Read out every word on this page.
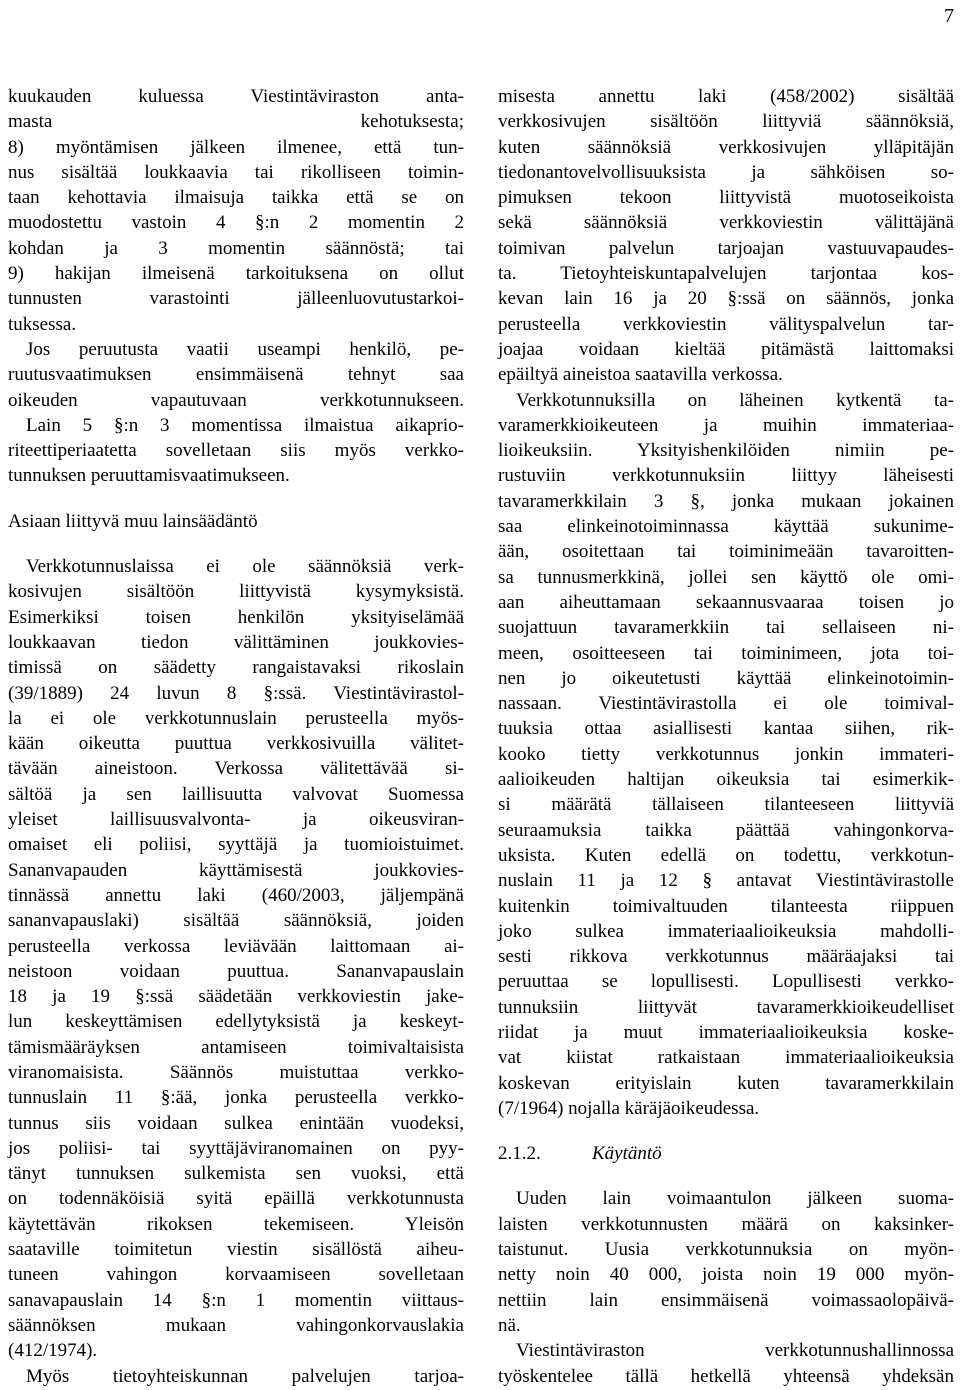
7
kuukauden kuluessa Viestintäviraston anta-
masta kehotuksesta;
8) myöntämisen jälkeen ilmenee, että tun-
nus sisältää loukkaavia tai rikolliseen toimin-
taan kehottavia ilmaisuja taikka että se on
muodostettu vastoin 4 §:n 2 momentin 2
kohdan ja 3 momentin säännöstä; tai
9) hakijan ilmeisenä tarkoituksena on ollut
tunnusten varastointi jälleenluovutustarkoi-
tuksessa.
Jos peruutusta vaatii useampi henkilö, pe-
ruutusvaatimuksen ensimmäisenä tehnyt saa
oikeuden vapautuvaan verkkotunnukseen.
Lain 5 §:n 3 momentissa ilmaistua aikaprio-
riteettiperiaatetta sovelletaan siis myös verkko-
tunnuksen peruuttamisvaatimukseen.
Asiaan liittyvä muu lainsäädäntö
Verkkotunnuslaissa ei ole säännöksiä verk-
kosivujen sisältöön liittyvistä kysymyksistä.
Esimerkiksi toisen henkilön yksityiselämää
loukkaavan tiedon välittäminen joukkovies-
timissä on säädetty rangaistavaksi rikoslain
(39/1889) 24 luvun 8 §:ssä. Viestintävirastol-
la ei ole verkkotunnuslain perusteella myös-
kään oikeutta puuttua verkkosivuilla välitet-
tävään aineistoon. Verkossa välitettävää si-
sältöä ja sen laillisuutta valvovat Suomessa
yleiset laillisuusvalvonta- ja oikeusviran-
omaiset eli poliisi, syyttäjä ja tuomioistuimet.
Sananvapauden käyttämisestä joukkovies-
tinnässä annettu laki (460/2003, jäljempänä
sananvapauslaki) sisältää säännöksiä, joiden
perusteella verkossa leviävään laittomaan ai-
neistoon voidaan puuttua. Sananvapauslain
18 ja 19 §:ssä säädetään verkkoviestin jake-
lun keskeyttämisen edellytyksistä ja keskeyt-
tämismääräyksen antamiseen toimivaltaisista
viranomaisista. Säännös muistuttaa verkko-
tunnuslain 11 §:ää, jonka perusteella verkko-
tunnus siis voidaan sulkea enintään vuodeksi,
jos poliisi- tai syyttäjäviranomainen on pyy-
tänyt tunnuksen sulkemista sen vuoksi, että
on todennäköisiä syitä epäillä verkkotunnusta
käytettävän rikoksen tekemiseen. Yleisön
saataville toimitetun viestin sisällöstä aiheu-
tuneen vahingon korvaamiseen sovelletaan
sanavapauslain 14 §:n 1 momentin viittaus-
säännöksen mukaan vahingonkorvauslakia
(412/1974).
Myös tietoyhteiskunnan palvelujen tarjoa-
misesta annettu laki (458/2002) sisältää
verkkosivujen sisältöön liittyviä säännöksiä,
kuten säännöksiä verkkosivujen ylläpitäjän
tiedonantovelvollisuuksista ja sähköisen so-
pimuksen tekoon liittyvistä muotoseikoista
sekä säännöksiä verkkoviestin välittäjänä
toimivan palvelun tarjoajan vastuuvapaudes-
ta. Tietoyhteiskuntapalvelujen tarjontaa kos-
kevan lain 16 ja 20 §:ssä on säännös, jonka
perusteella verkkoviestin välityspalvelun tar-
joajaa voidaan kieltää pitämästä laittomaksi
epäiltyä aineistoa saatavilla verkossa.
Verkkotunnuksilla on läheinen kytkentä ta-
varamerkkioikeuteen ja muihin immateriaa-
lioikeuksiin. Yksityishenkilöiden nimiin pe-
rustuviin verkkotunnuksiin liittyy läheisesti
tavaramerkkilain 3 §, jonka mukaan jokainen
saa elinkeinotoiminnassa käyttää sukunime-
ään, osoitettaan tai toiminimeään tavaroitten-
sa tunnusmerkkinä, jollei sen käyttö ole omi-
aan aiheuttamaan sekaannusvaaraa toisen jo
suojattuun tavaramerkkiin tai sellaiseen ni-
meen, osoitteeseen tai toiminimeen, jota toi-
nen jo oikeutetusti käyttää elinkeinotoimin-
nassaan. Viestintävirastolla ei ole toimival-
tuuksia ottaa asiallisesti kantaa siihen, rik-
kooko tietty verkkotunnus jonkin immateri-
aalioikeuden haltijan oikeuksia tai esimerkik-
si määrätä tällaiseen tilanteeseen liittyviä
seuraamuksia taikka päättää vahingonkorva-
uksista. Kuten edellä on todettu, verkkotun-
nuslain 11 ja 12 § antavat Viestintävirastolle
kuitenkin toimivaltuuden tilanteesta riippuen
joko sulkea immateriaalioikeuksia mahdolli-
sesti rikkova verkkotunnus määräajaksi tai
peruuttaa se lopullisesti. Lopullisesti verkko-
tunnuksiin liittyvät tavaramerkkioikeudelliset
riidat ja muut immateriaalioikeuksia koske-
vat kiistat ratkaistaan immateriaalioikeuksia
koskevan erityislain kuten tavaramerkkilain
(7/1964) nojalla käräjäoikeudessa.
2.1.2.	Käytäntö
Uuden lain voimaantulon jälkeen suoma-
laisten verkkotunnusten määrä on kaksinker-
taistunut. Uusia verkkotunnuksia on myön-
netty noin 40 000, joista noin 19 000 myön-
nettiin lain ensimmäisenä voimassaolopäivä-
nä.
Viestintäviraston verkkotunnushallinnossa
työskentelee tällä hetkellä yhteensä yhdeksän
